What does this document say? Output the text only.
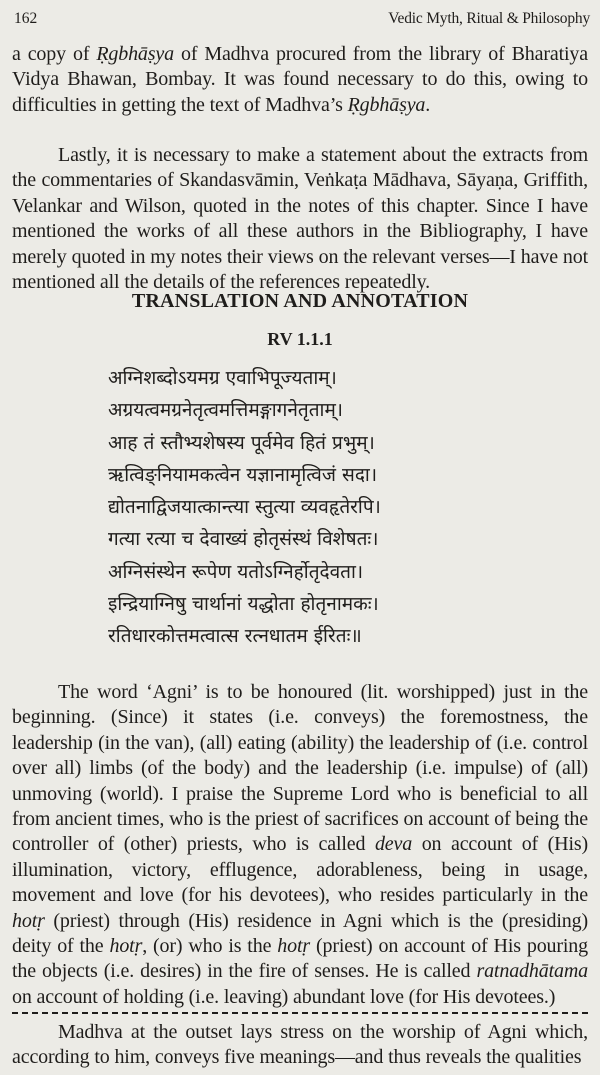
162	Vedic Myth, Ritual & Philosophy

a copy of Ṛgbhāṣya of Madhva procured from the library of Bharatiya Vidya Bhawan, Bombay. It was found necessary to do this, owing to difficulties in getting the text of Madhva’s Ṛgbhāṣya.

Lastly, it is necessary to make a statement about the extracts from the commentaries of Skandasvāmin, Veṅkaṭa Mādhava, Sāyaṇa, Griffith, Velankar and Wilson, quoted in the notes of this chapter. Since I have mentioned the works of all these authors in the Bibliography, I have merely quoted in my notes their views on the relevant verses—I have not mentioned all the details of the references repeatedly.

TRANSLATION AND ANNOTATION
RV 1.1.1
अग्निशब्दोऽयमग्र एवाभिपूज्यताम्।
अग्रयत्वमग्रनेतृत्वमत्तिमङ्गागनेतृताम्।
आह तं स्तौभ्यशेषस्य पूर्वमेव हितं प्रभुम्।
ऋत्विङ्नियामकत्वेन यज्ञानामृत्विजं सदा।
द्योतनाद्विजयात्कान्त्या स्तुत्या व्यवहृतेरपि।
गत्या रत्या च देवाख्यं होतृसंस्थं विशेषतः।
अग्निसंस्थेन रूपेण यतोऽग्निर्होतृदेवता।
इन्द्रियाग्निषु चार्थानां यद्धोता होतृनामकः।
रतिधारकोत्तमत्वात्स रत्नधातम ईरितः॥

The word ‘Agni’ is to be honoured (lit. worshipped) just in the beginning. (Since) it states (i.e. conveys) the foremostness, the leadership (in the van), (all) eating (ability) the leadership of (i.e. control over all) limbs (of the body) and the leadership (i.e. impulse) of (all) unmoving (world). I praise the Supreme Lord who is beneficial to all from ancient times, who is the priest of sacrifices on account of being the controller of (other) priests, who is called deva on account of (His) illumination, victory, efflugence, adorableness, being in usage, movement and love (for his devotees), who resides particularly in the hotṛ (priest) through (His) residence in Agni which is the (presiding) deity of the hotṛ, (or) who is the hotṛ (priest) on account of His pouring the objects (i.e. desires) in the fire of senses. He is called ratnadhātama on account of holding (i.e. leaving) abundant love (for His devotees.)

Madhva at the outset lays stress on the worship of Agni which, according to him, conveys five meanings—and thus reveals the qualities
